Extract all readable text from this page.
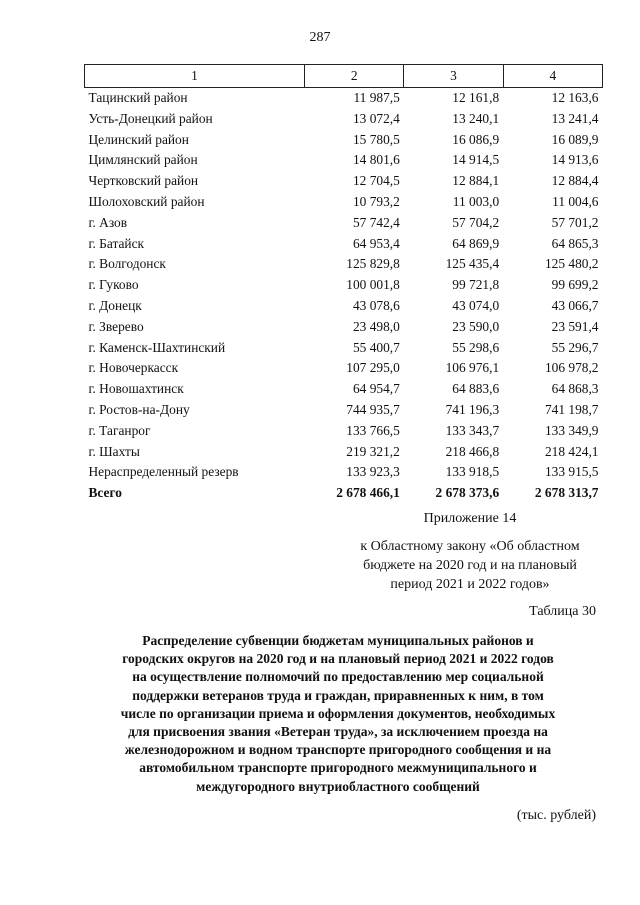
287
1	2	3	4
Тацинский район	11 987,5	12 161,8	12 163,6
Усть-Донецкий район	13 072,4	13 240,1	13 241,4
Целинский район	15 780,5	16 086,9	16 089,9
Цимлянский район	14 801,6	14 914,5	14 913,6
Чертковский район	12 704,5	12 884,1	12 884,4
Шолоховский район	10 793,2	11 003,0	11 004,6
г. Азов	57 742,4	57 704,2	57 701,2
г. Батайск	64 953,4	64 869,9	64 865,3
г. Волгодонск	125 829,8	125 435,4	125 480,2
г. Гуково	100 001,8	99 721,8	99 699,2
г. Донецк	43 078,6	43 074,0	43 066,7
г. Зверево	23 498,0	23 590,0	23 591,4
г. Каменск-Шахтинский	55 400,7	55 298,6	55 296,7
г. Новочеркасск	107 295,0	106 976,1	106 978,2
г. Новошахтинск	64 954,7	64 883,6	64 868,3
г. Ростов-на-Дону	744 935,7	741 196,3	741 198,7
г. Таганрог	133 766,5	133 343,7	133 349,9
г. Шахты	219 321,2	218 466,8	218 424,1
Нераспределенный резерв	133 923,3	133 918,5	133 915,5
Всего	2 678 466,1	2 678 373,6	2 678 313,7
Приложение 14
к Областному закону «Об областном
бюджете на 2020 год и на плановый
период 2021 и 2022 годов»
Таблица 30
Распределение субвенции бюджетам муниципальных районов и
городских округов на 2020 год и на плановый период 2021 и 2022 годов
на осуществление полномочий по предоставлению мер социальной
поддержки ветеранов труда и граждан, приравненных к ним, в том
числе по организации приема и оформления документов, необходимых
для присвоения звания «Ветеран труда», за исключением проезда на
железнодорожном и водном транспорте пригородного сообщения и на
автомобильном транспорте пригородного межмуниципального и
междугородного внутриобластного сообщений
(тыс. рублей)
